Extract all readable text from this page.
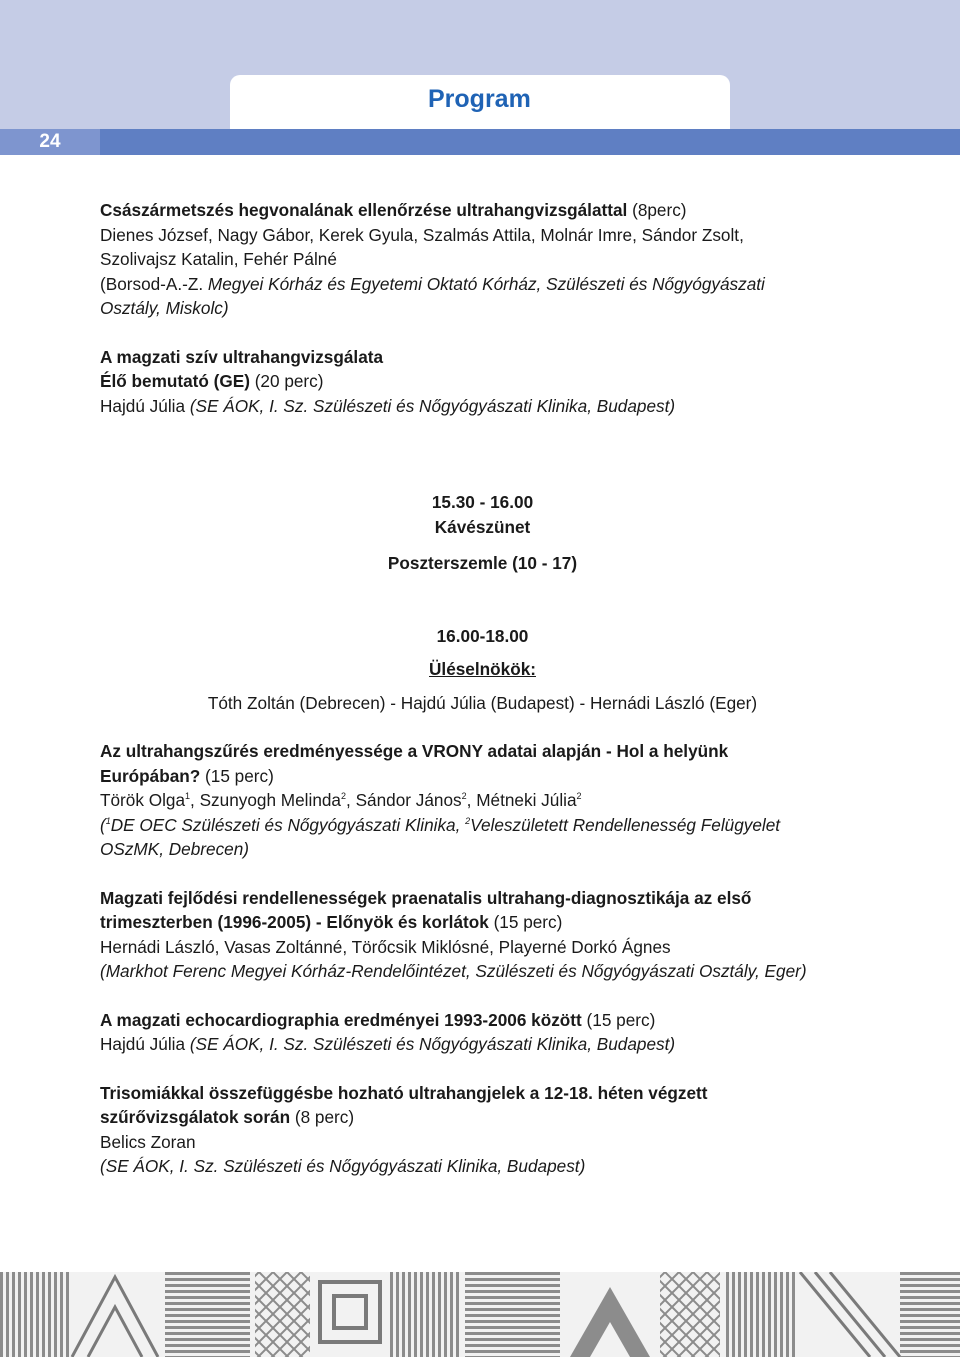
24
Program
Császármetszés hegvonalának ellenőrzése ultrahangvizsgálattal (8perc)
Dienes József, Nagy Gábor, Kerek Gyula, Szalmás Attila, Molnár Imre, Sándor Zsolt,
Szolivajsz Katalin, Fehér Pálné
(Borsod-A.-Z. Megyei Kórház és Egyetemi Oktató Kórház, Szülészeti és Nőgyógyászati
Osztály, Miskolc)
A magzati szív ultrahangvizsgálata
Élő bemutató (GE) (20 perc)
Hajdú Júlia (SE ÁOK, I. Sz. Szülészeti és Nőgyógyászati Klinika, Budapest)
15.30 - 16.00
Kávészünet
Poszterszemle (10 - 17)
16.00-18.00
Üléselnökök:
Tóth Zoltán (Debrecen) - Hajdú Júlia (Budapest) - Hernádi László (Eger)
Az ultrahangszűrés eredményessége a VRONY adatai alapján - Hol a helyünk
Európában? (15 perc)
Török Olga$^1$, Szunyogh Melinda$^2$, Sándor János$^2$, Métneki Júlia$^2$
($^1$DE OEC Szülészeti és Nőgyógyászati Klinika, $^2$Veleszületett Rendellenesség Felügyelet
OSzMK, Debrecen)
Magzati fejlődési rendellenességek praenatalis ultrahang-diagnosztikája az első
trimeszterben (1996-2005) - Előnyök és korlátok (15 perc)
Hernádi László, Vasas Zoltánné, Törőcsik Miklósné, Playerné Dorkó Ágnes
(Markhot Ferenc Megyei Kórház-Rendelőintézet, Szülészeti és Nőgyógyászati Osztály, Eger)
A magzati echocardiographia eredményei 1993-2006 között (15 perc)
Hajdú Júlia (SE ÁOK, I. Sz. Szülészeti és Nőgyógyászati Klinika, Budapest)
Trisomiákkal összefüggésbe hozható ultrahangjelek a 12-18. héten végzett
szűrővizsgálatok során (8 perc)
Belics Zoran
(SE ÁOK, I. Sz. Szülészeti és Nőgyógyászati Klinika, Budapest)
